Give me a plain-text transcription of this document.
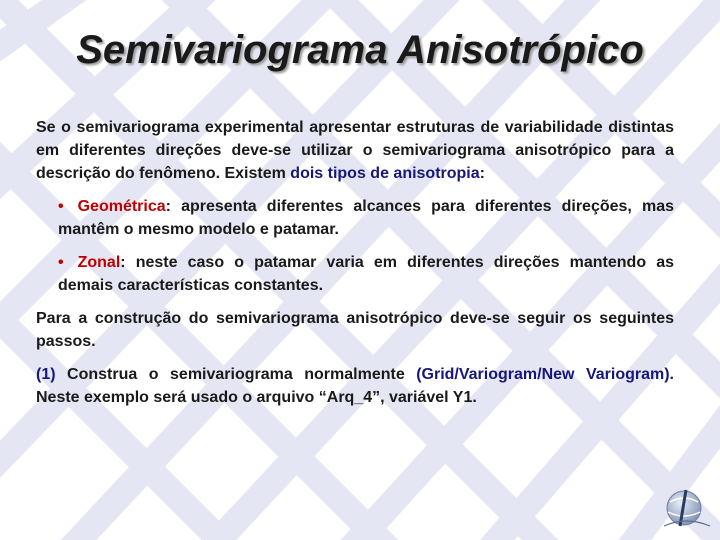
Semivariograma Anisotrópico

Se o semivariograma experimental apresentar estruturas de variabilidade distintas em diferentes direções deve-se utilizar o semivariograma anisotrópico para a descrição do fenômeno. Existem dois tipos de anisotropia:

• Geométrica: apresenta diferentes alcances para diferentes direções, mas mantêm o mesmo modelo e patamar.

• Zonal: neste caso o patamar varia em diferentes direções mantendo as demais características constantes.

Para a construção do semivariograma anisotrópico deve-se seguir os seguintes passos.

(1) Construa o semivariograma normalmente (Grid/Variogram/New Variogram). Neste exemplo será usado o arquivo “Arq_4”, variável Y1.
